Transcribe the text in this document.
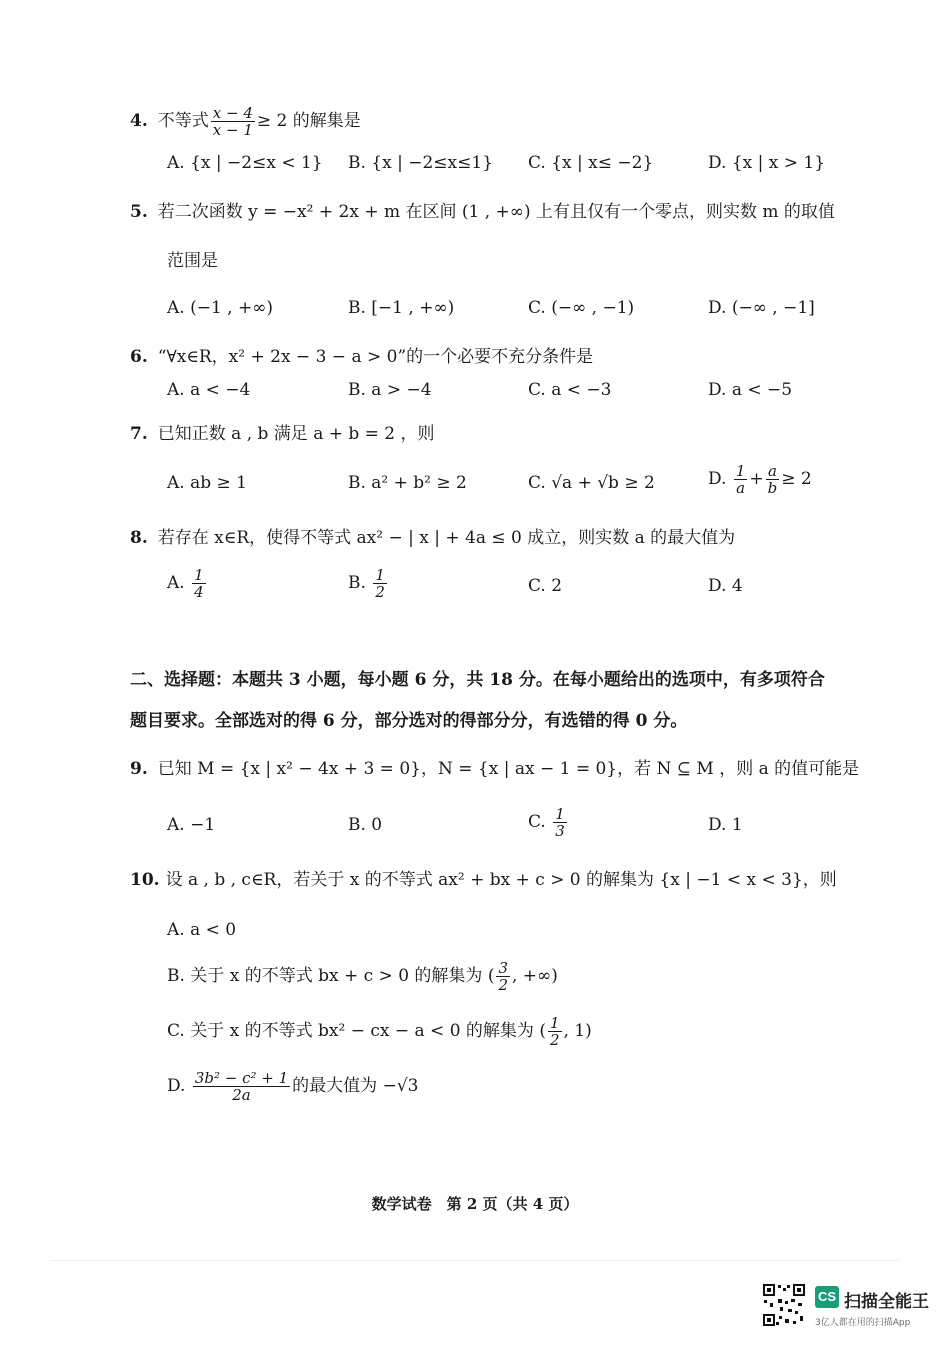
4. 不等式 $\frac{x - 4}{x - 1} \ge 2$ 的解集是
A. {x | −2≤x < 1} B. {x | −2≤x≤1} C. {x | x≤ −2}	D. {x | x > 1}
5. 若二次函数 y = −x² + 2x + m 在区间 (1 , +∞) 上有且仅有一个零点，则实数 m 的取值
范围是
A. (−1 , +∞)	B. [−1 , +∞)	C. (−∞ , −1)	D. (−∞ , −1]
6. “∀x∈R，x² + 2x − 3 − a > 0”的一个必要不充分条件是
A. a < −4	B. a > −4	C. a < −3	D. a < −5
7. 已知正数 a , b 满足 a + b = 2 ，则
A. ab ≥ 1	B. a² + b² ≥ 2	C. √a + √b ≥ 2	D. $\frac{1}{a} + \frac{a}{b} \ge 2$
8. 若存在 x∈R，使得不等式 ax² − | x | + 4a ≤ 0 成立，则实数 a 的最大值为
A. $\frac{1}{4}$	B. $\frac{1}{2}$	C. 2	D. 4
二、选择题：本题共 3 小题，每小题 6 分，共 18 分。在每小题给出的选项中，有多项符合
题目要求。全部选对的得 6 分，部分选对的得部分分，有选错的得 0 分。
9. 已知 M = {x | x² − 4x + 3 = 0}，N = {x | ax − 1 = 0}，若 N ⊆ M ，则 a 的值可能是
A. −1	B. 0	C. $\frac{1}{3}$	D. 1
10. 设 a , b , c∈R，若关于 x 的不等式 ax² + bx + c > 0 的解集为 {x | −1 < x < 3}，则
A. a < 0
B. 关于 x 的不等式 bx + c > 0 的解集为 ( $\frac{3}{2}$ , +∞)
C. 关于 x 的不等式 bx² − cx − a < 0 的解集为 ( $\frac{1}{2}$ , 1)
D. $\frac{\text{3b² − c² + 1}}{2a}$ 的最大值为 −√3
数学试卷　第 2 页（共 4 页）
CS 扫描全能王
3亿人都在用的扫描App
